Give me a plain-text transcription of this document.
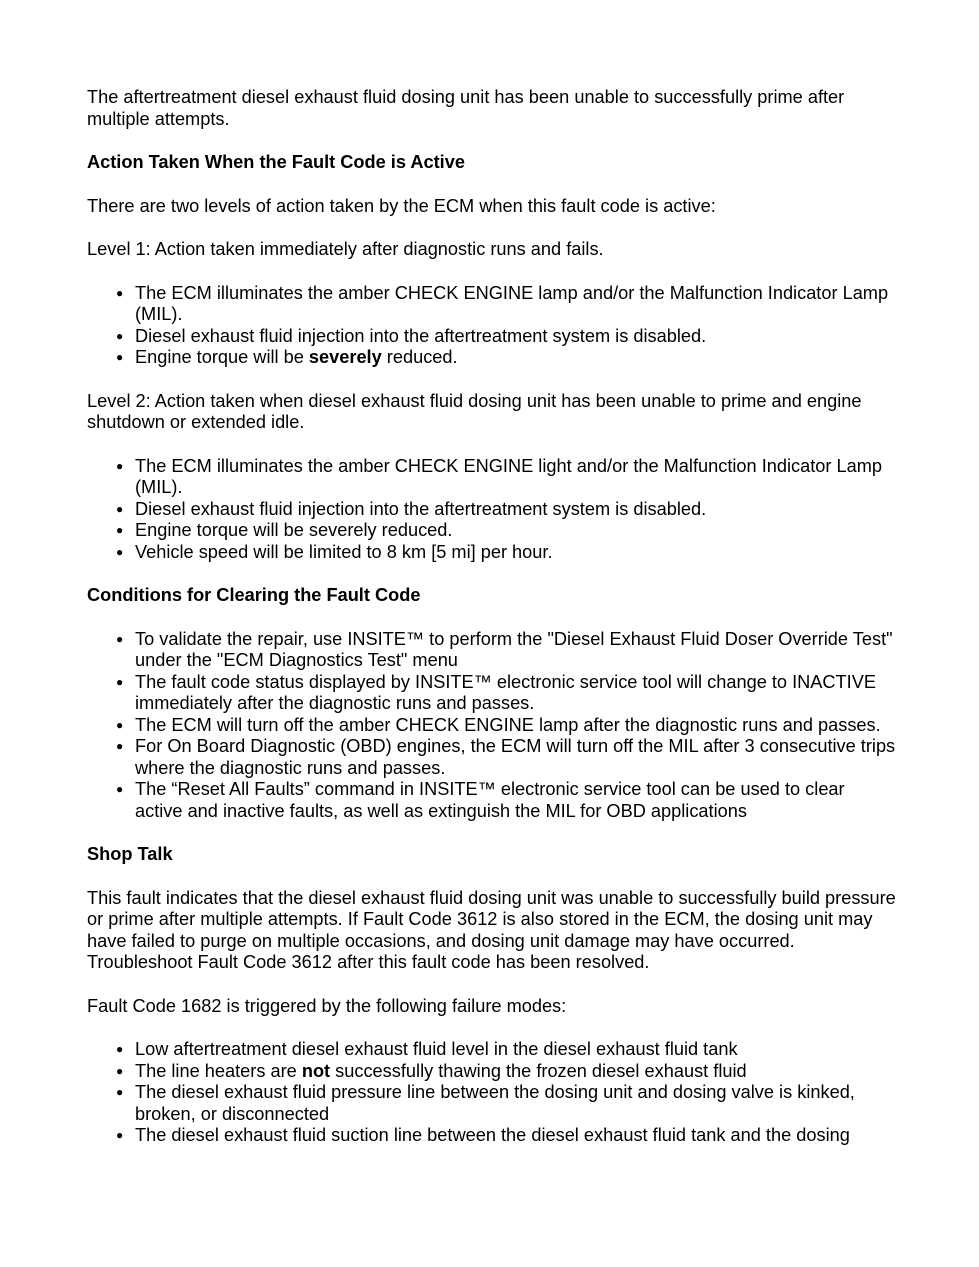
The aftertreatment diesel exhaust fluid dosing unit has been unable to successfully prime after multiple attempts.

Action Taken When the Fault Code is Active

There are two levels of action taken by the ECM when this fault code is active:

Level 1: Action taken immediately after diagnostic runs and fails.

● The ECM illuminates the amber CHECK ENGINE lamp and/or the Malfunction Indicator Lamp (MIL).
● Diesel exhaust fluid injection into the aftertreatment system is disabled.
● Engine torque will be severely reduced.

Level 2: Action taken when diesel exhaust fluid dosing unit has been unable to prime and engine shutdown or extended idle.

● The ECM illuminates the amber CHECK ENGINE light and/or the Malfunction Indicator Lamp (MIL).
● Diesel exhaust fluid injection into the aftertreatment system is disabled.
● Engine torque will be severely reduced.
● Vehicle speed will be limited to 8 km [5 mi] per hour.
Conditions for Clearing the Fault Code
● To validate the repair, use INSITE™ to perform the "Diesel Exhaust Fluid Doser Override Test" under the "ECM Diagnostics Test" menu
● The fault code status displayed by INSITE™ electronic service tool will change to INACTIVE immediately after the diagnostic runs and passes.
● The ECM will turn off the amber CHECK ENGINE lamp after the diagnostic runs and passes.
● For On Board Diagnostic (OBD) engines, the ECM will turn off the MIL after 3 consecutive trips where the diagnostic runs and passes.
● The “Reset All Faults” command in INSITE™ electronic service tool can be used to clear active and inactive faults, as well as extinguish the MIL for OBD applications
Shop Talk

This fault indicates that the diesel exhaust fluid dosing unit was unable to successfully build pressure or prime after multiple attempts. If Fault Code 3612 is also stored in the ECM, the dosing unit may have failed to purge on multiple occasions, and dosing unit damage may have occurred. Troubleshoot Fault Code 3612 after this fault code has been resolved.

Fault Code 1682 is triggered by the following failure modes:

● Low aftertreatment diesel exhaust fluid level in the diesel exhaust fluid tank
● The line heaters are not successfully thawing the frozen diesel exhaust fluid
● The diesel exhaust fluid pressure line between the dosing unit and dosing valve is kinked, broken, or disconnected
● The diesel exhaust fluid suction line between the diesel exhaust fluid tank and the dosing
